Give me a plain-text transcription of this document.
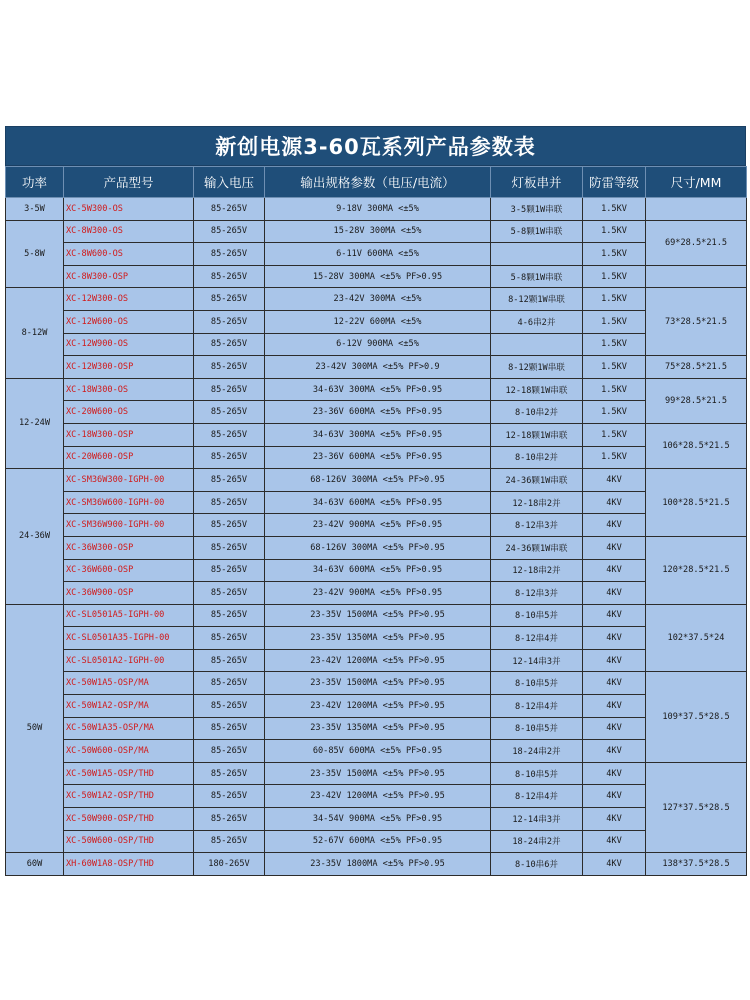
新创电源3-60瓦系列产品参数表
功率	产品型号	输入电压	输出规格参数（电压/电流）	灯板串并	防雷等级	尺寸/MM
3-5W	XC-5W300-OS	85-265V	9-18V 300MA <±5%	3-5颗1W串联	1.5KV	
5-8W	XC-8W300-OS	85-265V	15-28V 300MA <±5%	5-8颗1W串联	1.5KV	69*28.5*21.5
	XC-8W600-OS	85-265V	6-11V 600MA <±5%		1.5KV	
	XC-8W300-OSP	85-265V	15-28V 300MA <±5% PF>0.95	5-8颗1W串联	1.5KV	
8-12W	XC-12W300-OS	85-265V	23-42V 300MA <±5%	8-12颗1W串联	1.5KV	73*28.5*21.5
	XC-12W600-OS	85-265V	12-22V 600MA <±5%	4-6串2并	1.5KV	
	XC-12W900-OS	85-265V	6-12V 900MA <±5%		1.5KV	
	XC-12W300-OSP	85-265V	23-42V 300MA <±5% PF>0.9	8-12颗1W串联	1.5KV	75*28.5*21.5
12-24W	XC-18W300-OS	85-265V	34-63V 300MA <±5% PF>0.95	12-18颗1W串联	1.5KV	99*28.5*21.5
	XC-20W600-OS	85-265V	23-36V 600MA <±5% PF>0.95	8-10串2并	1.5KV	
	XC-18W300-OSP	85-265V	34-63V 300MA <±5% PF>0.95	12-18颗1W串联	1.5KV	106*28.5*21.5
	XC-20W600-OSP	85-265V	23-36V 600MA <±5% PF>0.95	8-10串2并	1.5KV	
24-36W	XC-SM36W300-IGPH-00	85-265V	68-126V 300MA <±5% PF>0.95	24-36颗1W串联	4KV	100*28.5*21.5
	XC-SM36W600-IGPH-00	85-265V	34-63V 600MA <±5% PF>0.95	12-18串2并	4KV	
	XC-SM36W900-IGPH-00	85-265V	23-42V 900MA <±5% PF>0.95	8-12串3并	4KV	
	XC-36W300-OSP	85-265V	68-126V 300MA <±5% PF>0.95	24-36颗1W串联	4KV	120*28.5*21.5
	XC-36W600-OSP	85-265V	34-63V 600MA <±5% PF>0.95	12-18串2并	4KV	
	XC-36W900-OSP	85-265V	23-42V 900MA <±5% PF>0.95	8-12串3并	4KV	
50W	XC-SL0501A5-IGPH-00	85-265V	23-35V 1500MA <±5% PF>0.95	8-10串5并	4KV	102*37.5*24
	XC-SL0501A35-IGPH-00	85-265V	23-35V 1350MA <±5% PF>0.95	8-12串4并	4KV	
	XC-SL0501A2-IGPH-00	85-265V	23-42V 1200MA <±5% PF>0.95	12-14串3并	4KV	
	XC-50W1A5-OSP/MA	85-265V	23-35V 1500MA <±5% PF>0.95	8-10串5并	4KV	109*37.5*28.5
	XC-50W1A2-OSP/MA	85-265V	23-42V 1200MA <±5% PF>0.95	8-12串4并	4KV	
	XC-50W1A35-OSP/MA	85-265V	23-35V 1350MA <±5% PF>0.95	8-10串5并	4KV	
	XC-50W600-OSP/MA	85-265V	60-85V 600MA <±5% PF>0.95	18-24串2并	4KV	
	XC-50W1A5-OSP/THD	85-265V	23-35V 1500MA <±5% PF>0.95	8-10串5并	4KV	127*37.5*28.5
	XC-50W1A2-OSP/THD	85-265V	23-42V 1200MA <±5% PF>0.95	8-12串4并	4KV	
	XC-50W900-OSP/THD	85-265V	34-54V 900MA <±5% PF>0.95	12-14串3并	4KV	
	XC-50W600-OSP/THD	85-265V	52-67V 600MA <±5% PF>0.95	18-24串2并	4KV	
60W	XH-60W1A8-OSP/THD	180-265V	23-35V 1800MA <±5% PF>0.95	8-10串6并	4KV	138*37.5*28.5
